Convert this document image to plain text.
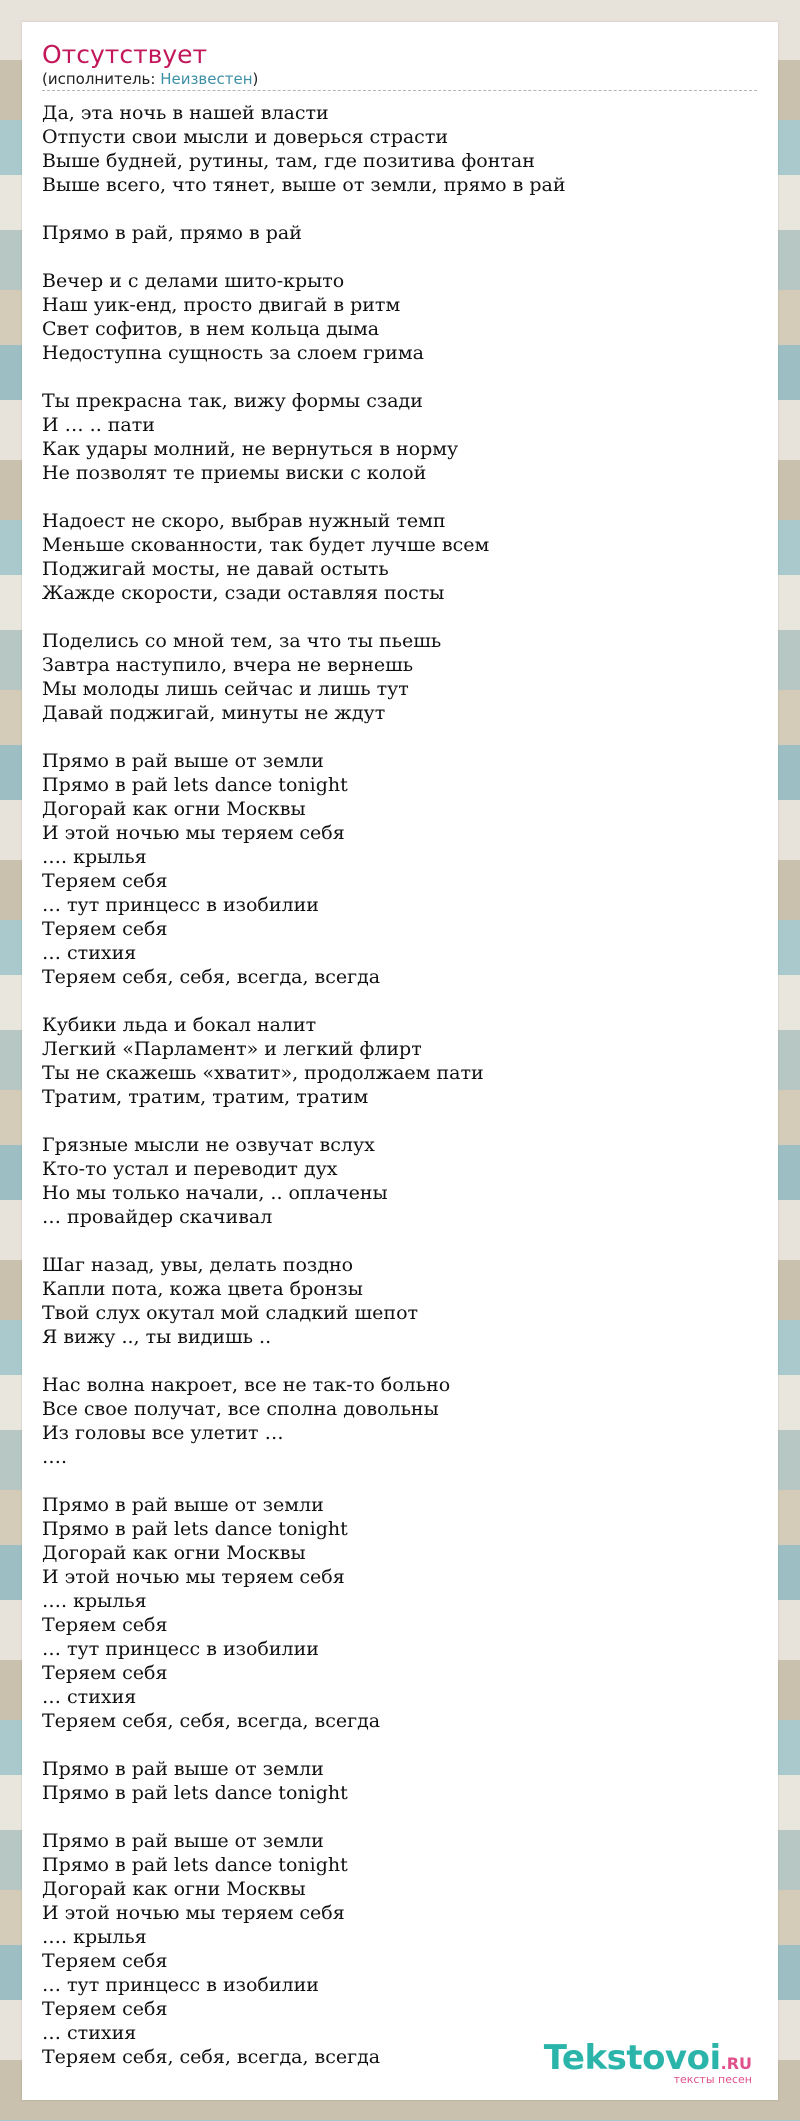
Отсутствует
(исполнитель: Неизвестен)
Да, эта ночь в нашей власти
Отпусти свои мысли и доверься страсти
Выше будней, рутины, там, где позитива фонтан
Выше всего, что тянет, выше от земли, прямо в рай
Прямо в рай, прямо в рай
Вечер и с делами шито-крыто
Наш уик-енд, просто двигай в ритм
Свет софитов, в нем кольца дыма
Недоступна сущность за слоем грима
Ты прекрасна так, вижу формы сзади
И … .. пати
Как удары молний, не вернуться в норму
Не позволят те приемы виски с колой
Надоест не скоро, выбрав нужный темп
Меньше скованности, так будет лучше всем
Поджигай мосты, не давай остыть
Жажде скорости, сзади оставляя посты
Поделись со мной тем, за что ты пьешь
Завтра наступило, вчера не вернешь
Мы молоды лишь сейчас и лишь тут
Давай поджигай, минуты не ждут
Прямо в рай выше от земли
Прямо в рай lets dance tonight
Догорай как огни Москвы
И этой ночью мы теряем себя
…. крылья
Теряем себя
… тут принцесс в изобилии
Теряем себя
… стихия
Теряем себя, себя, всегда, всегда
Кубики льда и бокал налит
Легкий «Парламент» и легкий флирт
Ты не скажешь «хватит», продолжаем пати
Тратим, тратим, тратим, тратим
Грязные мысли не озвучат вслух
Кто-то устал и переводит дух
Но мы только начали, .. оплачены
… провайдер скачивал
Шаг назад, увы, делать поздно
Капли пота, кожа цвета бронзы
Твой слух окутал мой сладкий шепот
Я вижу .., ты видишь ..
Нас волна накроет, все не так-то больно
Все свое получат, все сполна довольны
Из головы все улетит …
….
Прямо в рай выше от земли
Прямо в рай lets dance tonight
Догорай как огни Москвы
И этой ночью мы теряем себя
…. крылья
Теряем себя
… тут принцесс в изобилии
Теряем себя
… стихия
Теряем себя, себя, всегда, всегда
Прямо в рай выше от земли
Прямо в рай lets dance tonight
Прямо в рай выше от земли
Прямо в рай lets dance tonight
Догорай как огни Москвы
И этой ночью мы теряем себя
…. крылья
Теряем себя
… тут принцесс в изобилии
Теряем себя
… стихия
Теряем себя, себя, всегда, всегда	Tekstovoi.RU
тексты песен
